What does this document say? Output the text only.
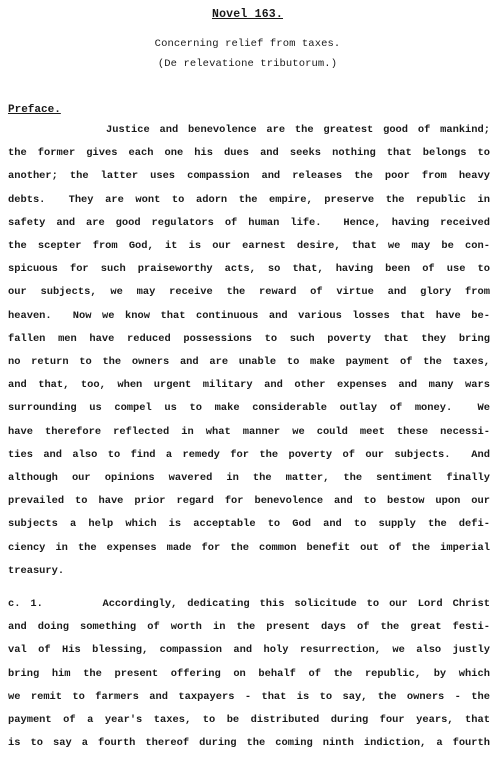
Novel 163.
Concerning relief from taxes.
(De relevatione tributorum.)
Preface.
Justice and benevolence are the greatest good of mankind;
the former gives each one his dues and seeks nothing that belongs to
another; the latter uses compassion and releases the poor from heavy
debts.  They are wont to adorn the empire, preserve the republic in
safety and are good regulators of human life.  Hence, having received
the scepter from God, it is our earnest desire, that we may be con-
spicuous for such praiseworthy acts, so that, having been of use to
our subjects, we may receive the reward of virtue and glory from
heaven.  Now we know that continuous and various losses that have be-
fallen men have reduced possessions to such poverty that they bring
no return to the owners and are unable to make payment of the taxes,
and that, too, when urgent military and other expenses and many wars
surrounding us compel us to make considerable outlay of money.  We
have therefore reflected in what manner we could meet these necessi-
ties and also to find a remedy for the poverty of our subjects.  And
although our opinions wavered in the matter, the sentiment finally
prevailed to have prior regard for benevolence and to bestow upon our
subjects a help which is acceptable to God and to supply the defi-
ciency in the expenses made for the common benefit out of the imperial
treasury.
c. 1.      Accordingly, dedicating this solicitude to our Lord Christ
and doing something of worth in the present days of the great festi-
val of His blessing, compassion and holy resurrection, we also justly
bring him the present offering on behalf of the republic, by which
we remit to farmers and taxpayers - that is to say, the owners - the
payment of a year's taxes, to be distributed during four years, that
is to say a fourth thereof during the coming ninth indiction, a fourth
